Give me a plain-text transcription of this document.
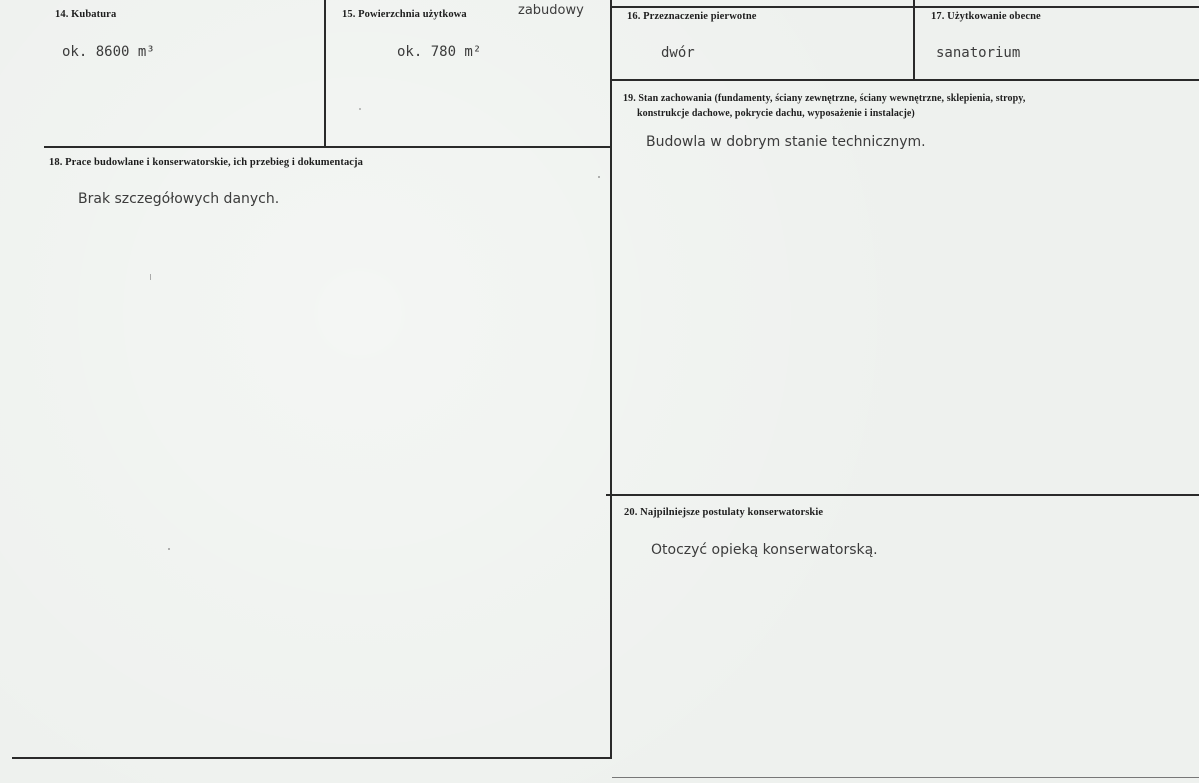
14. Kubatura
ok. 8600 m³
15. Powierzchnia użytkowa	zabudowy
ok. 780 m²
16. Przeznaczenie pierwotne
dwór
17. Użytkowanie obecne
sanatorium
19. Stan zachowania (fundamenty, ściany zewnętrzne, ściany wewnętrzne, sklepienia, stropy,
konstrukcje dachowe, pokrycie dachu, wyposażenie i instalacje)
Budowla w dobrym stanie technicznym.
18. Prace budowlane i konserwatorskie, ich przebieg i dokumentacja
Brak szczegółowych danych.
20. Najpilniejsze postulaty konserwatorskie
Otoczyć opieką konserwatorską.
